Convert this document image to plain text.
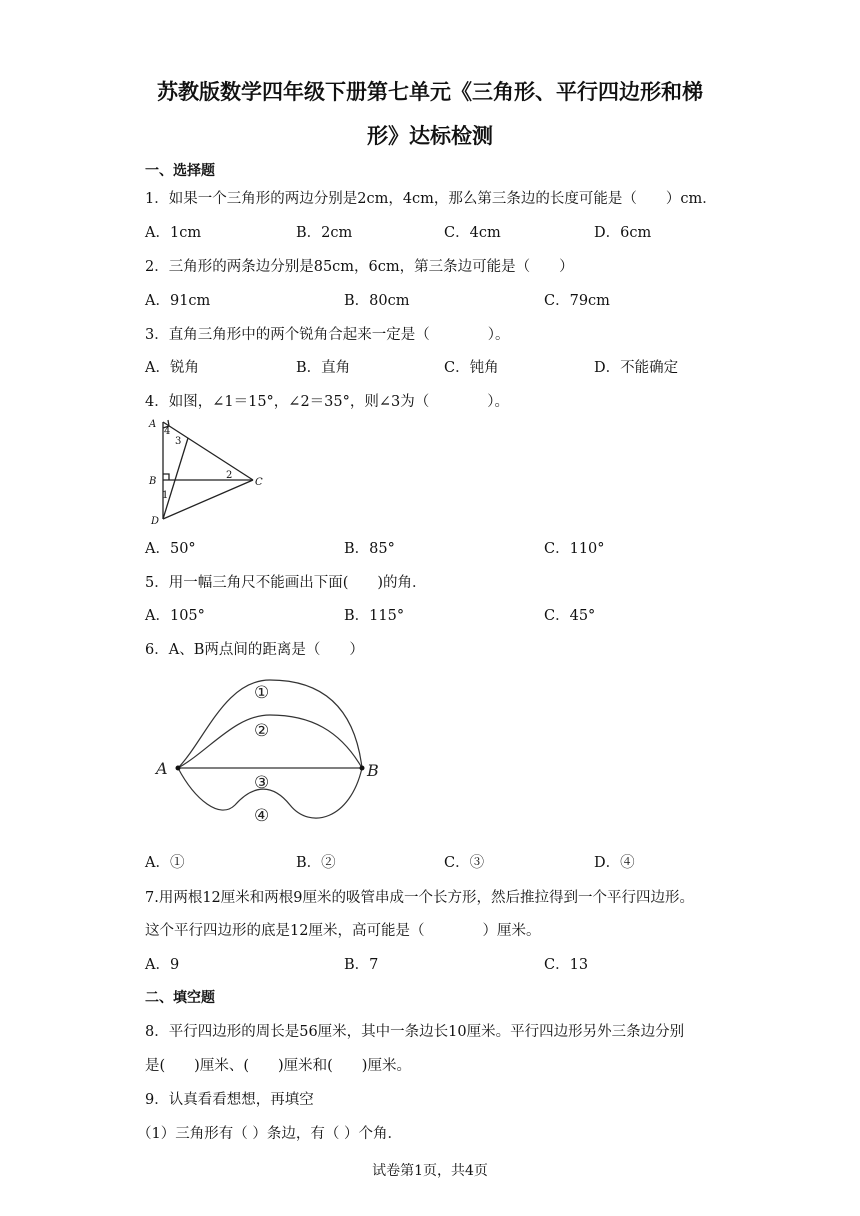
苏教版数学四年级下册第七单元《三角形、平行四边形和梯
形》达标检测
一、选择题
1．如果一个三角形的两边分别是2cm，4cm，那么第三条边的长度可能是（　　）cm．
A．1cm	B．2cm	C．4cm	D．6cm
2．三角形的两条边分别是85cm，6cm，第三条边可能是（　　）
A．91cm	B．80cm	C．79cm
3．直角三角形中的两个锐角合起来一定是（　　　　）。
A．锐角	B．直角	C．钝角	D．不能确定
4．如图，∠1＝15°，∠2＝35°，则∠3为（　　　　）。
A
B	C
D
4
3
2
1
A．50°	B．85°	C．110°
5．用一幅三角尺不能画出下面(　　)的角．
A．105°	B．115°	C．45°
6．A、B两点间的距离是（　　）
A	B
①
②
③
④
A．①	B．②	C．③	D．④
7.用两根12厘米和两根9厘米的吸管串成一个长方形，然后推拉得到一个平行四边形。
这个平行四边形的底是12厘米，高可能是（　　　　）厘米。
A．9	B．7	C．13
二、填空题
8．平行四边形的周长是56厘米，其中一条边长10厘米。平行四边形另外三条边分别
是(　　)厘米、(　　)厘米和(　　)厘米。
9．认真看看想想，再填空
（1）三角形有（ ）条边，有（ ）个角．
试卷第1页，共4页
